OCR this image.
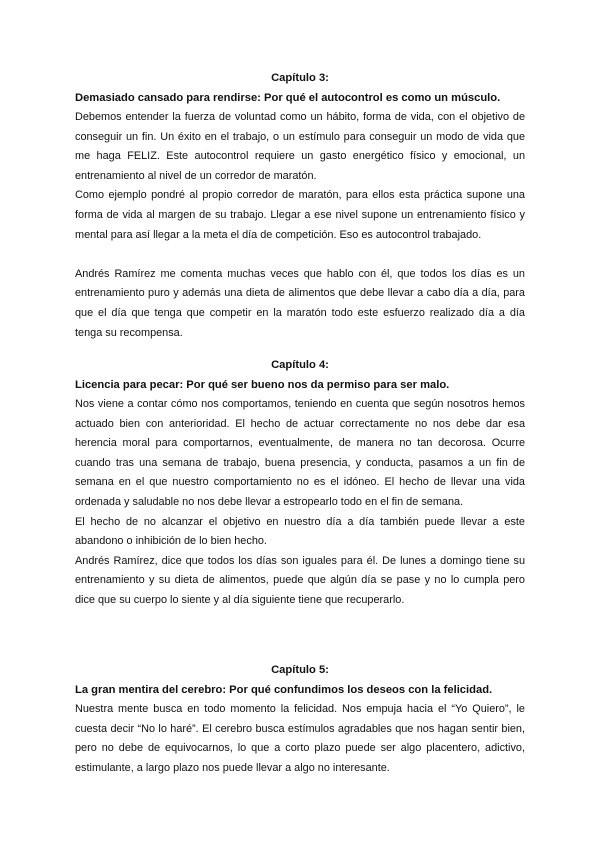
Capítulo 3:

Demasiado cansado para rendirse: Por qué el autocontrol es como un músculo.

Debemos entender la fuerza de voluntad como un hábito, forma de vida, con el objetivo de conseguir un fin. Un éxito en el trabajo, o un estímulo para conseguir un modo de vida que me haga FELIZ. Este autocontrol requiere un gasto energético físico y emocional, un entrenamiento al nivel de un corredor de maratón.

Como ejemplo pondré al propio corredor de maratón, para ellos esta práctica supone una forma de vida al margen de su trabajo. Llegar a ese nivel supone un entrenamiento físico y mental para así llegar a la meta el día de competición. Eso es autocontrol trabajado.

Andrés Ramírez me comenta muchas veces que hablo con él, que todos los días es un entrenamiento puro y además una dieta de alimentos que debe llevar a cabo día a día, para que el día que tenga que competir en la maratón todo este esfuerzo realizado día a día tenga su recompensa.

Capítulo 4:

Licencia para pecar: Por qué ser bueno nos da permiso para ser malo.

Nos viene a contar cómo nos comportamos, teniendo en cuenta que según nosotros hemos actuado bien con anterioridad. El hecho de actuar correctamente no nos debe dar esa herencia moral para comportarnos, eventualmente, de manera no tan decorosa. Ocurre cuando tras una semana de trabajo, buena presencia, y conducta, pasamos a un fin de semana en el que nuestro comportamiento no es el idóneo. El hecho de llevar una vida ordenada y saludable no nos debe llevar a estropearlo todo en el fin de semana.

El hecho de no alcanzar el objetivo en nuestro día a día también puede llevar a este abandono o inhibición de lo bien hecho.

Andrés Ramírez, dice que todos los días son iguales para él. De lunes a domingo tiene su entrenamiento y su dieta de alimentos, puede que algún día se pase y no lo cumpla pero dice que su cuerpo lo siente y al día siguiente tiene que recuperarlo.

Capítulo 5:

La gran mentira del cerebro: Por qué confundimos los deseos con la felicidad.

Nuestra mente busca en todo momento la felicidad. Nos empuja hacia el “Yo Quiero”, le cuesta decir “No lo haré”. El cerebro busca estímulos agradables que nos hagan sentir bien, pero no debe de equivocarnos, lo que a corto plazo puede ser algo placentero, adictivo, estimulante, a largo plazo nos puede llevar a algo no interesante.
